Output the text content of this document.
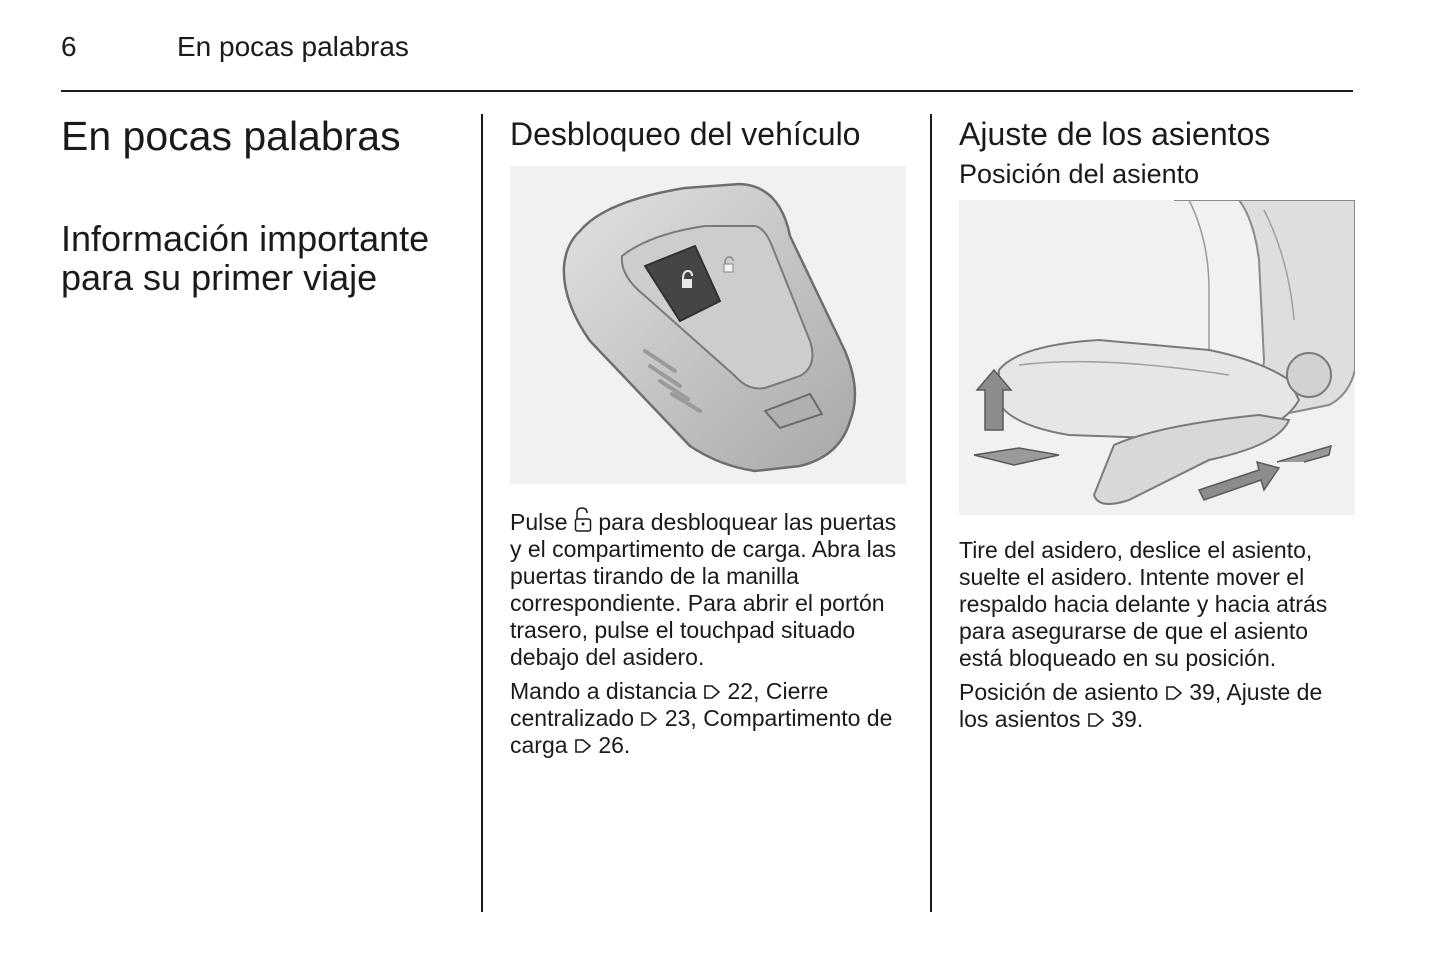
6	En pocas palabras
En pocas palabras
Información importante para su primer viaje
Desbloqueo del vehículo

Pulse para desbloquear las puertas y el compartimento de carga. Abra las puertas tirando de la manilla correspondiente. Para abrir el portón trasero, pulse el touchpad situado debajo del asidero.

Mando a distancia 22, Cierre centralizado 23, Compartimento de carga 26.

Ajuste de los asientos
Posición del asiento

Tire del asidero, deslice el asiento, suelte el asidero. Intente mover el respaldo hacia delante y hacia atrás para asegurarse de que el asiento está bloqueado en su posición.

Posición de asiento 39, Ajuste de los asientos 39.
